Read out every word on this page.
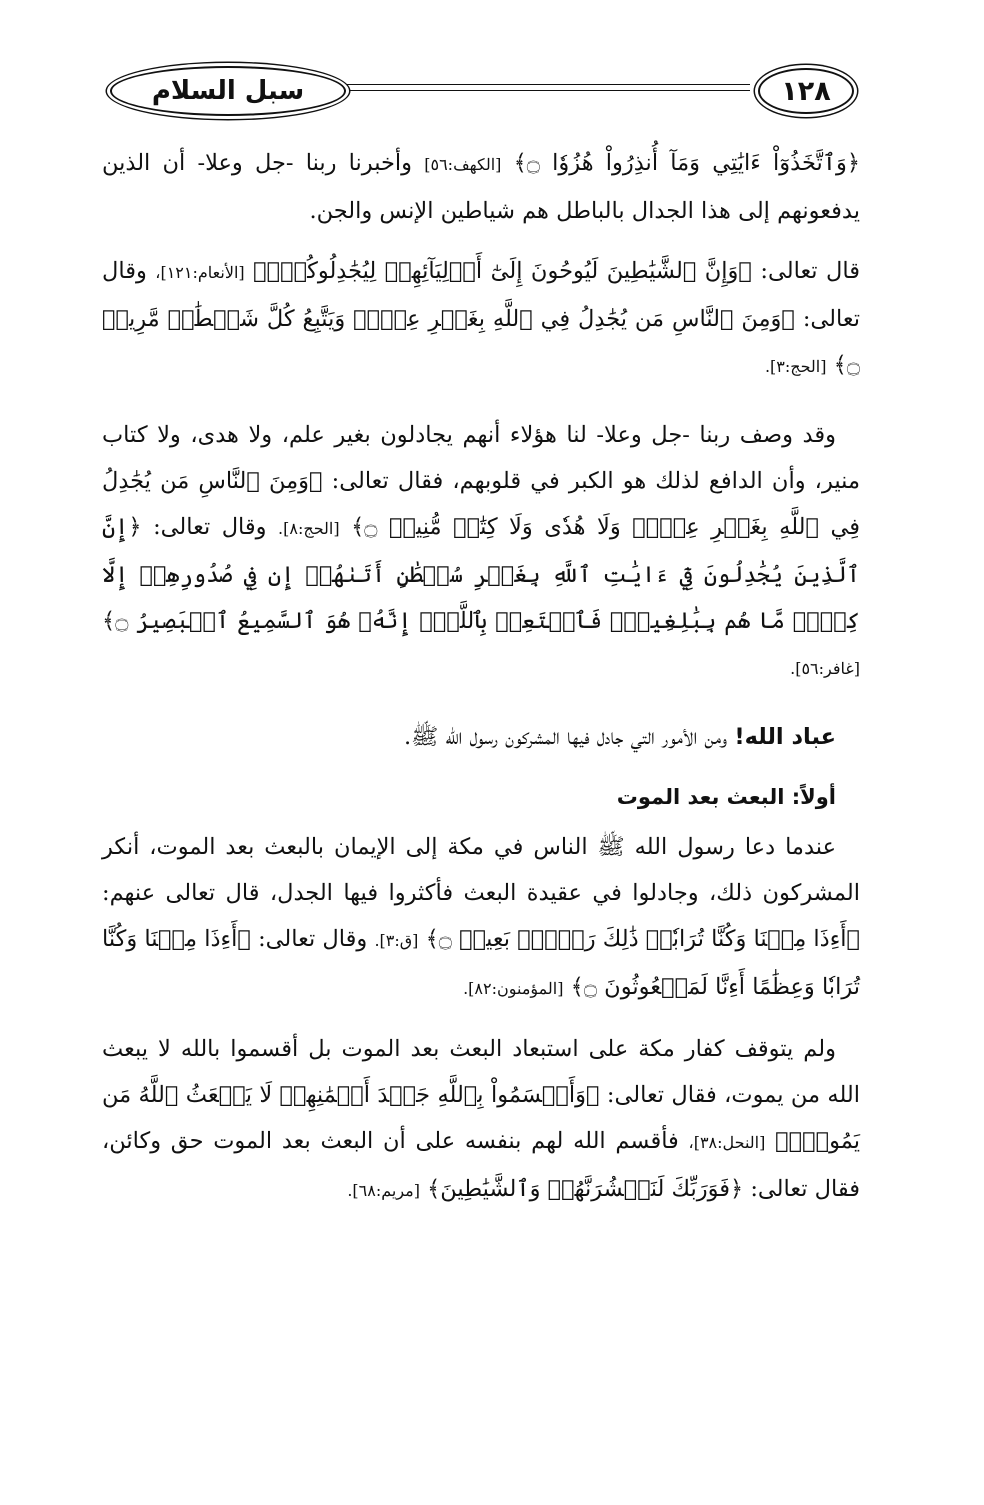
١٢٨
سبل السلام

﴿وَٱتَّخَذُوٓاْ ءَايَٰتِي وَمَآ أُنذِرُواْ هُزُوٗا ۝﴾ [الكهف:٥٦] وأخبرنا ربنا -جل وعلا- أن الذين يدفعونهم إلى هذا الجدال بالباطل هم شياطين الإنس والجن.

قال تعالى: ﴿وَإِنَّ ٱلشَّيَٰطِينَ لَيُوحُونَ إِلَىٰٓ أَوۡلِيَآئِهِمۡ لِيُجَٰدِلُوكُمۡۖ﴾ [الأنعام:١٢١]، وقال تعالى: ﴿وَمِنَ ٱلنَّاسِ مَن يُجَٰدِلُ فِي ٱللَّهِ بِغَيۡرِ عِلۡمٖ وَيَتَّبِعُ كُلَّ شَيۡطَٰنٖ مَّرِيدٖ ۝﴾ [الحج:٣].

وقد وصف ربنا -جل وعلا- لنا هؤلاء أنهم يجادلون بغير علم، ولا هدى، ولا كتاب منير، وأن الدافع لذلك هو الكبر في قلوبهم، فقال تعالى: ﴿وَمِنَ ٱلنَّاسِ مَن يُجَٰدِلُ فِي ٱللَّهِ بِغَيۡرِ عِلۡمٖ وَلَا هُدٗى وَلَا كِتَٰبٖ مُّنِيرٖ ۝﴾ [الحج:٨]. وقال تعالى: ﴿إِنَّ ٱلَّذِينَ يُجَٰدِلُونَ فِيٓ ءَايَٰتِ ٱللَّهِ بِغَيۡرِ سُلۡطَٰنٍ أَتَىٰهُمۡ إِن فِي صُدُورِهِمۡ إِلَّا كِبۡرٞ مَّا هُم بِبَٰلِغِيهِۚ فَٱسۡتَعِذۡ بِٱللَّهِۖ إِنَّهُۥ هُوَ ٱلسَّمِيعُ ٱلۡبَصِيرُ ۝﴾ [غافر:٥٦].

عباد الله! ومن الأمور التي جادل فيها المشركون رسول الله ﷺ.

أولاً: البعث بعد الموت

عندما دعا رسول الله ﷺ الناس في مكة إلى الإيمان بالبعث بعد الموت، أنكر المشركون ذلك، وجادلوا في عقيدة البعث فأكثروا فيها الجدل، قال تعالى عنهم: ﴿أَءِذَا مِتۡنَا وَكُنَّا تُرَابٗاۖ ذَٰلِكَ رَجۡعُۢ بَعِيدٞ ۝﴾ [ق:٣]. وقال تعالى: ﴿أَءِذَا مِتۡنَا وَكُنَّا تُرَابٗا وَعِظَٰمًا أَءِنَّا لَمَبۡعُوثُونَ ۝﴾ [المؤمنون:٨٢].

ولم يتوقف كفار مكة على استبعاد البعث بعد الموت بل أقسموا بالله لا يبعث الله من يموت، فقال تعالى: ﴿وَأَقۡسَمُواْ بِٱللَّهِ جَهۡدَ أَيۡمَٰنِهِمۡ لَا يَبۡعَثُ ٱللَّهُ مَن يَمُوتُۚ﴾ [النحل:٣٨]، فأقسم الله لهم بنفسه على أن البعث بعد الموت حق وكائن، فقال تعالى: ﴿فَوَرَبِّكَ لَنَحۡشُرَنَّهُمۡ وَٱلشَّيَٰطِينَ﴾ [مريم:٦٨].
